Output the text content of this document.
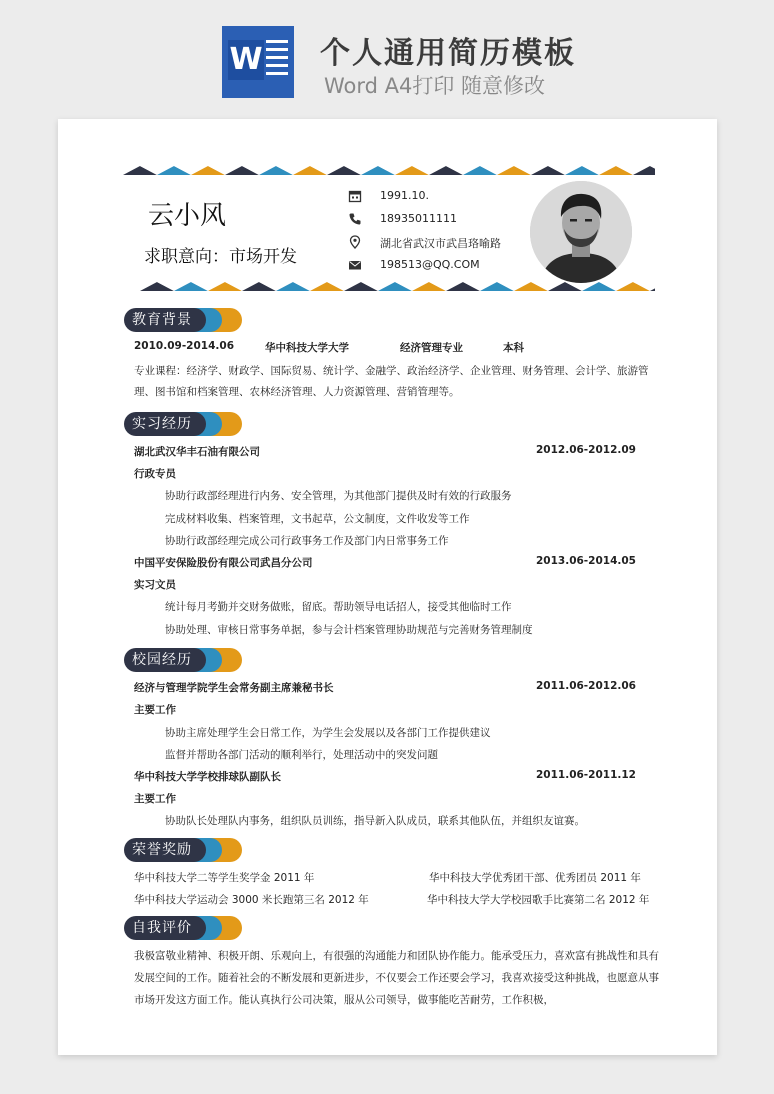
W 个人通用简历模板
Word A4打印 随意修改
云小风
求职意向：市场开发
1991.10.
18935011111
湖北省武汉市武昌珞喻路
198513@QQ.COM
教育背景
2010.09-2014.06	华中科技大学大学	经济管理专业	本科
专业课程：经济学、财政学、国际贸易、统计学、金融学、政治经济学、企业管理、财务管理、会计学、旅游管
理、图书馆和档案管理、农林经济管理、人力资源管理、营销管理等。
实习经历
湖北武汉华丰石油有限公司	2012.06-2012.09
行政专员
协助行政部经理进行内务、安全管理，为其他部门提供及时有效的行政服务
完成材料收集、档案管理，文书起草，公文制度，文件收发等工作
协助行政部经理完成公司行政事务工作及部门内日常事务工作
中国平安保险股份有限公司武昌分公司	2013.06-2014.05
实习文员
统计每月考勤并交财务做账，留底。帮助领导电话招人，接受其他临时工作
协助处理、审核日常事务单据，参与会计档案管理协助规范与完善财务管理制度
校园经历
经济与管理学院学生会常务副主席兼秘书长	2011.06-2012.06
主要工作
协助主席处理学生会日常工作，为学生会发展以及各部门工作提供建议
监督并帮助各部门活动的顺利举行，处理活动中的突发问题
华中科技大学学校排球队副队长	2011.06-2011.12
主要工作
协助队长处理队内事务，组织队员训练，指导新入队成员，联系其他队伍，并组织友谊赛。
荣誉奖励
华中科技大学二等学生奖学金 2011 年	华中科技大学优秀团干部、优秀团员 2011 年
华中科技大学运动会 3000 米长跑第三名 2012 年	华中科技大学大学校园歌手比赛第二名 2012 年
自我评价
我极富敬业精神、积极开朗、乐观向上，有很强的沟通能力和团队协作能力。能承受压力，喜欢富有挑战性和具有
发展空间的工作。随着社会的不断发展和更新进步，不仅要会工作还要会学习，我喜欢接受这种挑战，也愿意从事
市场开发这方面工作。能认真执行公司决策，服从公司领导，做事能吃苦耐劳，工作积极，
